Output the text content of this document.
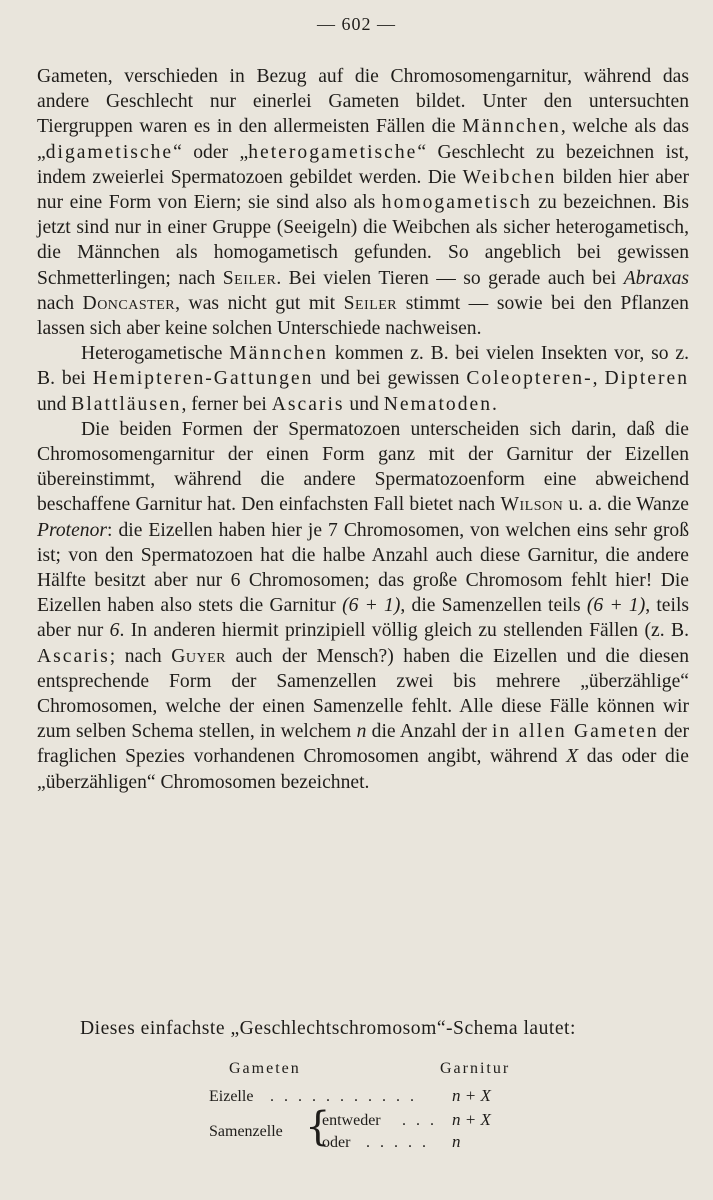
— 602 —

Gameten, verschieden in Bezug auf die Chromosomengarnitur, während das andere Geschlecht nur einerlei Gameten bildet. Unter den untersuchten Tiergruppen waren es in den allermeisten Fällen die Männchen, welche als das „digametische“ oder „heterogametische“ Geschlecht zu bezeichnen ist, indem zweierlei Spermatozoen gebildet werden. Die Weibchen bilden hier aber nur eine Form von Eiern; sie sind also als homogametisch zu bezeichnen. Bis jetzt sind nur in einer Gruppe (Seeigeln) die Weibchen als sicher heterogametisch, die Männchen als homogametisch gefunden. So angeblich bei gewissen Schmetterlingen; nach Seiler. Bei vielen Tieren — so gerade auch bei Abraxas nach Doncaster, was nicht gut mit Seiler stimmt — sowie bei den Pflanzen lassen sich aber keine solchen Unterschiede nachweisen.

Heterogametische Männchen kommen z. B. bei vielen Insekten vor, so z. B. bei Hemipteren-Gattungen und bei gewissen Coleopteren-, Dipteren und Blattläusen, ferner bei Ascaris und Nematoden.

Die beiden Formen der Spermatozoen unterscheiden sich darin, daß die Chromosomengarnitur der einen Form ganz mit der Garnitur der Eizellen übereinstimmt, während die andere Spermatozoenform eine abweichend beschaffene Garnitur hat. Den einfachsten Fall bietet nach Wilson u. a. die Wanze Protenor: die Eizellen haben hier je 7 Chromosomen, von welchen eins sehr groß ist; von den Spermatozoen hat die halbe Anzahl auch diese Garnitur, die andere Hälfte besitzt aber nur 6 Chromosomen; das große Chromosom fehlt hier! Die Eizellen haben also stets die Garnitur (6 + 1), die Samenzellen teils (6 + 1), teils aber nur 6. In anderen hiermit prinzipiell völlig gleich zu stellenden Fällen (z. B. Ascaris; nach Guyer auch der Mensch?) haben die Eizellen und die diesen entsprechende Form der Samenzellen zwei bis mehrere „überzählige“ Chromosomen, welche der einen Samenzelle fehlt. Alle diese Fälle können wir zum selben Schema stellen, in welchem n die Anzahl der in allen Gameten der fraglichen Spezies vorhandenen Chromosomen angibt, während X das oder die „überzähligen“ Chromosomen bezeichnet.

Dieses einfachste „Geschlechtschromosom“-Schema lautet:
Gameten	Garnitur
Eizelle . . . . . . . . . . . n + X
Samenzelle {
entweder . . . n + X
oder . . . . . n
